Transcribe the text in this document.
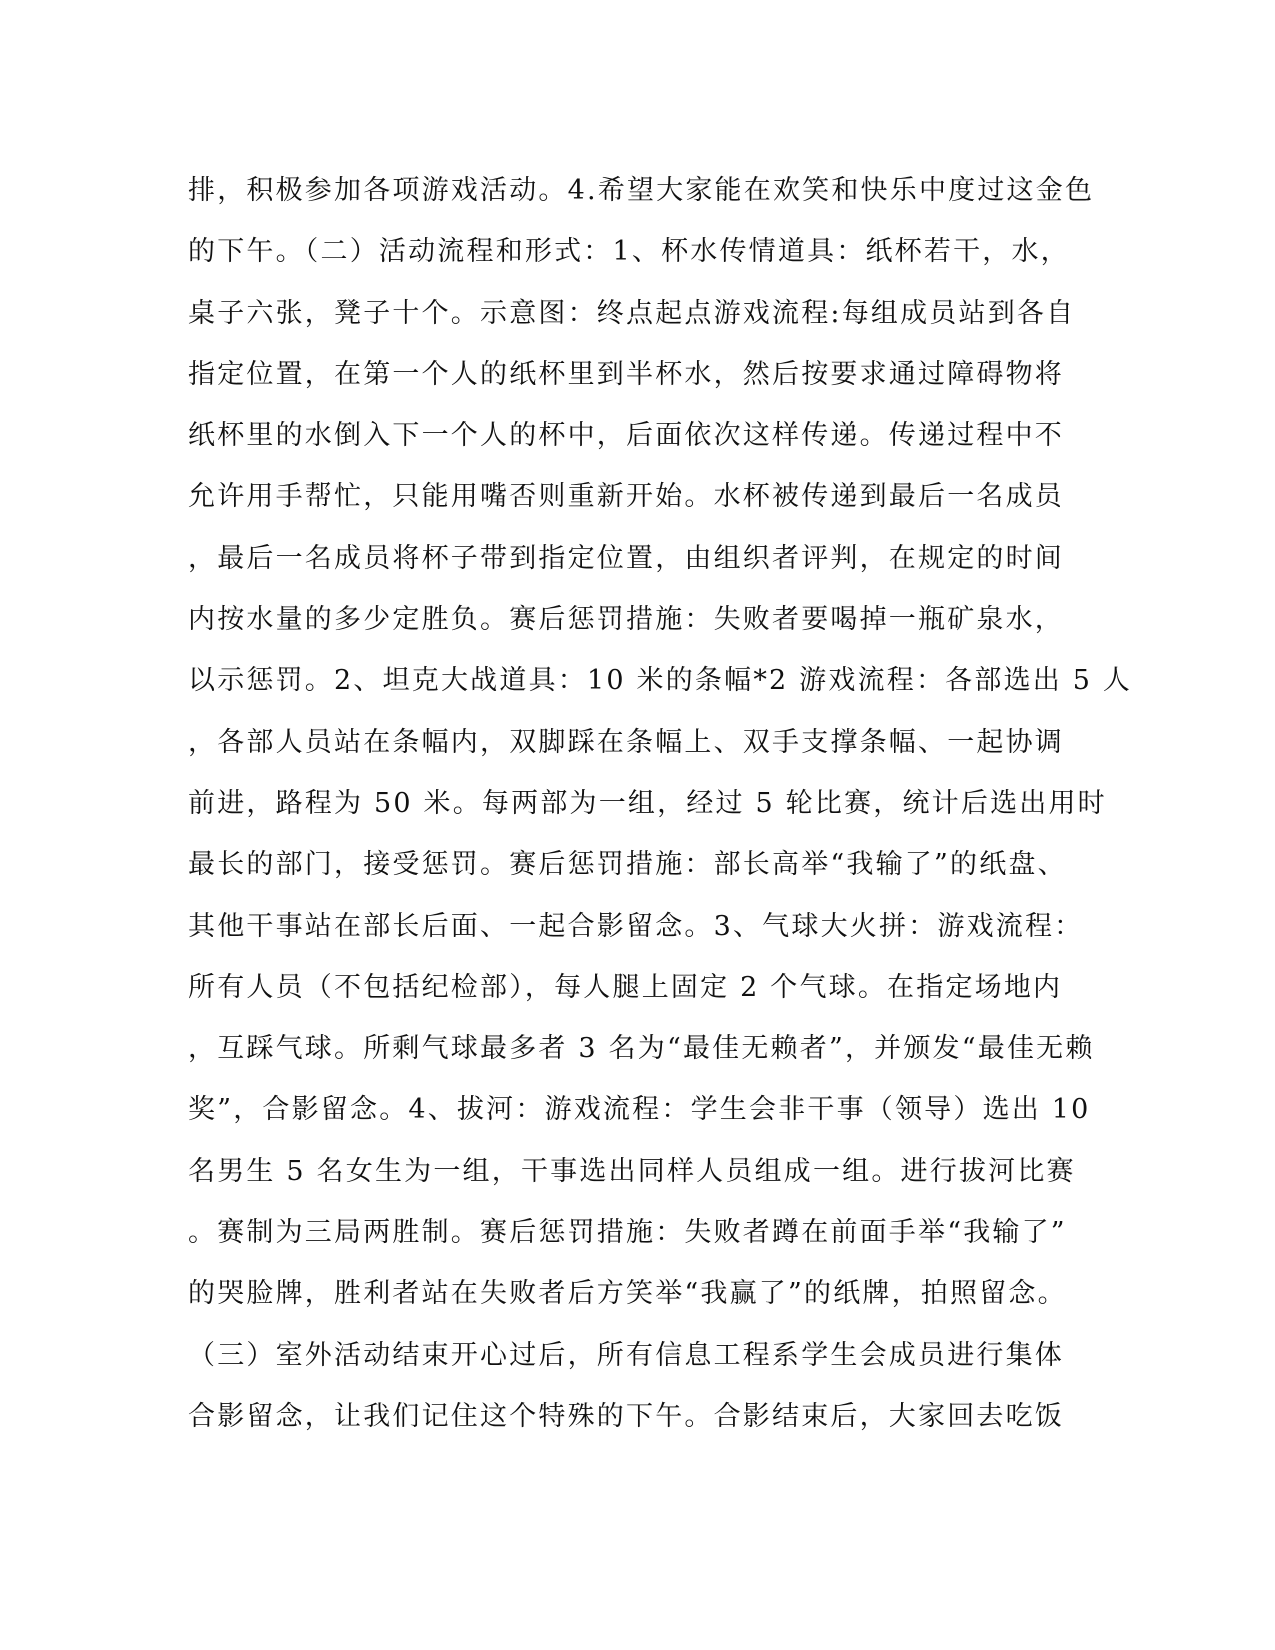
排，积极参加各项游戏活动。4.希望大家能在欢笑和快乐中度过这金色
的下午。（二）活动流程和形式：1、杯水传情道具：纸杯若干，水，
桌子六张，凳子十个。示意图：终点起点游戏流程:每组成员站到各自
指定位置，在第一个人的纸杯里到半杯水，然后按要求通过障碍物将
纸杯里的水倒入下一个人的杯中，后面依次这样传递。传递过程中不
允许用手帮忙，只能用嘴否则重新开始。水杯被传递到最后一名成员
，最后一名成员将杯子带到指定位置，由组织者评判，在规定的时间
内按水量的多少定胜负。赛后惩罚措施：失败者要喝掉一瓶矿泉水，
以示惩罚。2、坦克大战道具：10 米的条幅*2 游戏流程：各部选出 5 人
，各部人员站在条幅内，双脚踩在条幅上、双手支撑条幅、一起协调
前进，路程为 50 米。每两部为一组，经过 5 轮比赛，统计后选出用时
最长的部门，接受惩罚。赛后惩罚措施：部长高举“我输了”的纸盘、
其他干事站在部长后面、一起合影留念。3、气球大火拼：游戏流程：
所有人员（不包括纪检部），每人腿上固定 2 个气球。在指定场地内
，互踩气球。所剩气球最多者 3 名为“最佳无赖者”，并颁发“最佳无赖
奖”，合影留念。4、拔河：游戏流程：学生会非干事（领导）选出 10
名男生 5 名女生为一组，干事选出同样人员组成一组。进行拔河比赛
。赛制为三局两胜制。赛后惩罚措施：失败者蹲在前面手举“我输了”
的哭脸牌，胜利者站在失败者后方笑举“我赢了”的纸牌，拍照留念。
（三）室外活动结束开心过后，所有信息工程系学生会成员进行集体
合影留念，让我们记住这个特殊的下午。合影结束后，大家回去吃饭
